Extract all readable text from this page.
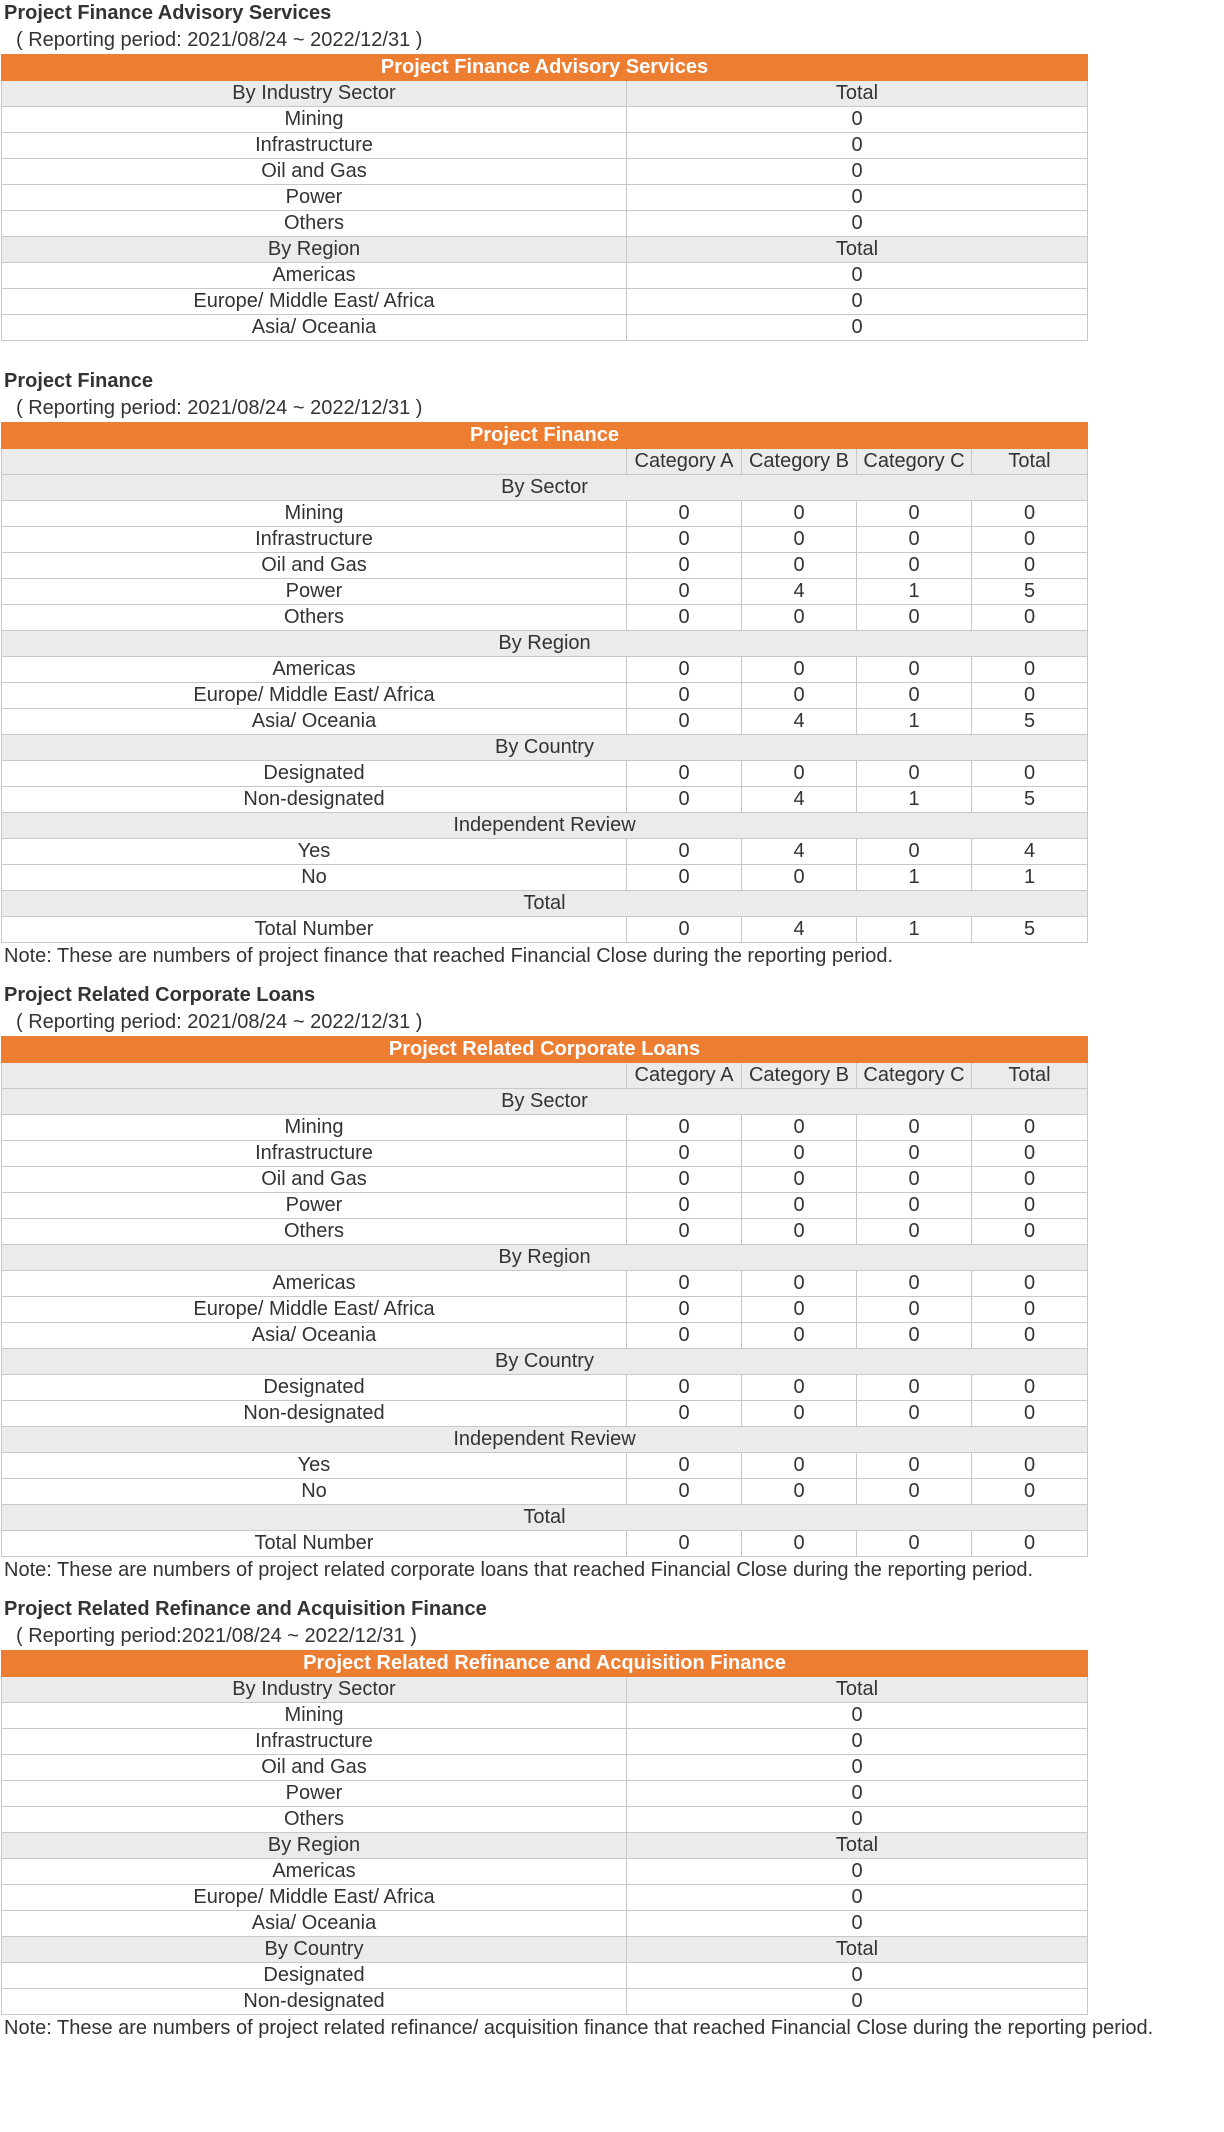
Project Finance Advisory Services
( Reporting period: 2021/08/24 ~ 2022/12/31 )
Project Finance Advisory Services	
By Industry Sector	Total
Mining	0
Infrastructure	0
Oil and Gas	0
Power	0
Others	0
By Region	Total
Americas	0
Europe/ Middle East/ Africa	0
Asia/ Oceania	0
Project Finance
( Reporting period: 2021/08/24 ~ 2022/12/31 )
Project Finance				
	Category A	Category B	Category C	Total
By Sector				
Mining	0	0	0	0
Infrastructure	0	0	0	0
Oil and Gas	0	0	0	0
Power	0	4	1	5
Others	0	0	0	0
By Region				
Americas	0	0	0	0
Europe/ Middle East/ Africa	0	0	0	0
Asia/ Oceania	0	4	1	5
By Country				
Designated	0	0	0	0
Non-designated	0	4	1	5
Independent Review				
Yes	0	4	0	4
No	0	0	1	1
Total				
Total Number	0	4	1	5
Note: These are numbers of project finance that reached Financial Close during the reporting period.
Project Related Corporate Loans
( Reporting period: 2021/08/24 ~ 2022/12/31 )
Project Related Corporate Loans				
	Category A	Category B	Category C	Total
By Sector				
Mining	0	0	0	0
Infrastructure	0	0	0	0
Oil and Gas	0	0	0	0
Power	0	0	0	0
Others	0	0	0	0
By Region				
Americas	0	0	0	0
Europe/ Middle East/ Africa	0	0	0	0
Asia/ Oceania	0	0	0	0
By Country				
Designated	0	0	0	0
Non-designated	0	0	0	0
Independent Review				
Yes	0	0	0	0
No	0	0	0	0
Total				
Total Number	0	0	0	0
Note: These are numbers of project related corporate loans that reached Financial Close during the reporting period.
Project Related Refinance and Acquisition Finance
( Reporting period:2021/08/24 ~ 2022/12/31 )
Project Related Refinance and Acquisition Finance	
By Industry Sector	Total
Mining	0
Infrastructure	0
Oil and Gas	0
Power	0
Others	0
By Region	Total
Americas	0
Europe/ Middle East/ Africa	0
Asia/ Oceania	0
By Country	Total
Designated	0
Non-designated	0
Note: These are numbers of project related refinance/ acquisition finance that reached Financial Close during the reporting period.
